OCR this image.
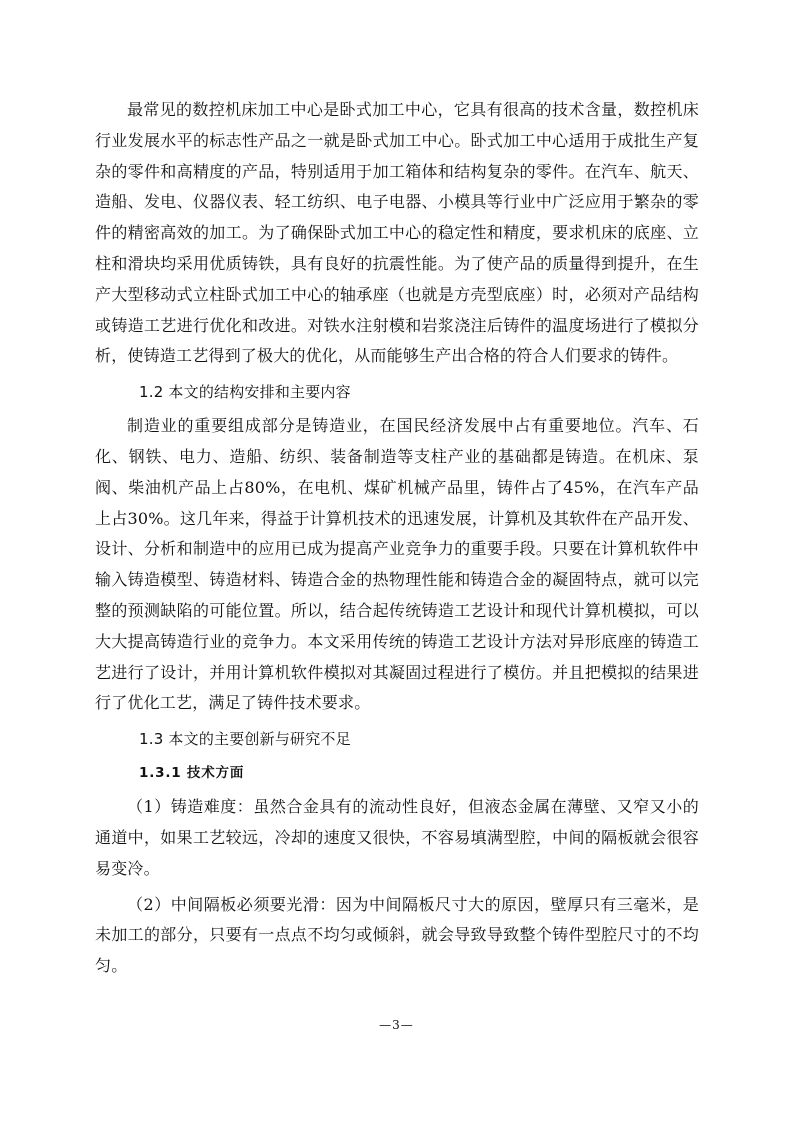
最常见的数控机床加工中心是卧式加工中心，它具有很高的技术含量，数控机床行业发展水平的标志性产品之一就是卧式加工中心。卧式加工中心适用于成批生产复杂的零件和高精度的产品，特别适用于加工箱体和结构复杂的零件。在汽车、航天、造船、发电、仪器仪表、轻工纺织、电子电器、小模具等行业中广泛应用于繁杂的零件的精密高效的加工。为了确保卧式加工中心的稳定性和精度，要求机床的底座、立柱和滑块均采用优质铸铁，具有良好的抗震性能。为了使产品的质量得到提升，在生产大型移动式立柱卧式加工中心的轴承座（也就是方壳型底座）时，必须对产品结构或铸造工艺进行优化和改进。对铁水注射模和岩浆浇注后铸件的温度场进行了模拟分析，使铸造工艺得到了极大的优化，从而能够生产出合格的符合人们要求的铸件。

1.2 本文的结构安排和主要内容

制造业的重要组成部分是铸造业，在国民经济发展中占有重要地位。汽车、石化、钢铁、电力、造船、纺织、装备制造等支柱产业的基础都是铸造。在机床、泵阀、柴油机产品上占80%，在电机、煤矿机械产品里，铸件占了45%，在汽车产品上占30%。这几年来，得益于计算机技术的迅速发展，计算机及其软件在产品开发、设计、分析和制造中的应用已成为提高产业竞争力的重要手段。只要在计算机软件中输入铸造模型、铸造材料、铸造合金的热物理性能和铸造合金的凝固特点，就可以完整的预测缺陷的可能位置。所以，结合起传统铸造工艺设计和现代计算机模拟，可以大大提高铸造行业的竞争力。本文采用传统的铸造工艺设计方法对异形底座的铸造工艺进行了设计，并用计算机软件模拟对其凝固过程进行了模仿。并且把模拟的结果进行了优化工艺，满足了铸件技术要求。

1.3 本文的主要创新与研究不足
1.3.1 技术方面

（1）铸造难度：虽然合金具有的流动性良好，但液态金属在薄壁、又窄又小的通道中，如果工艺较远，冷却的速度又很快，不容易填满型腔，中间的隔板就会很容易变冷。

（2）中间隔板必须要光滑：因为中间隔板尺寸大的原因，壁厚只有三毫米，是未加工的部分，只要有一点点不均匀或倾斜，就会导致导致整个铸件型腔尺寸的不均匀。

—3—
